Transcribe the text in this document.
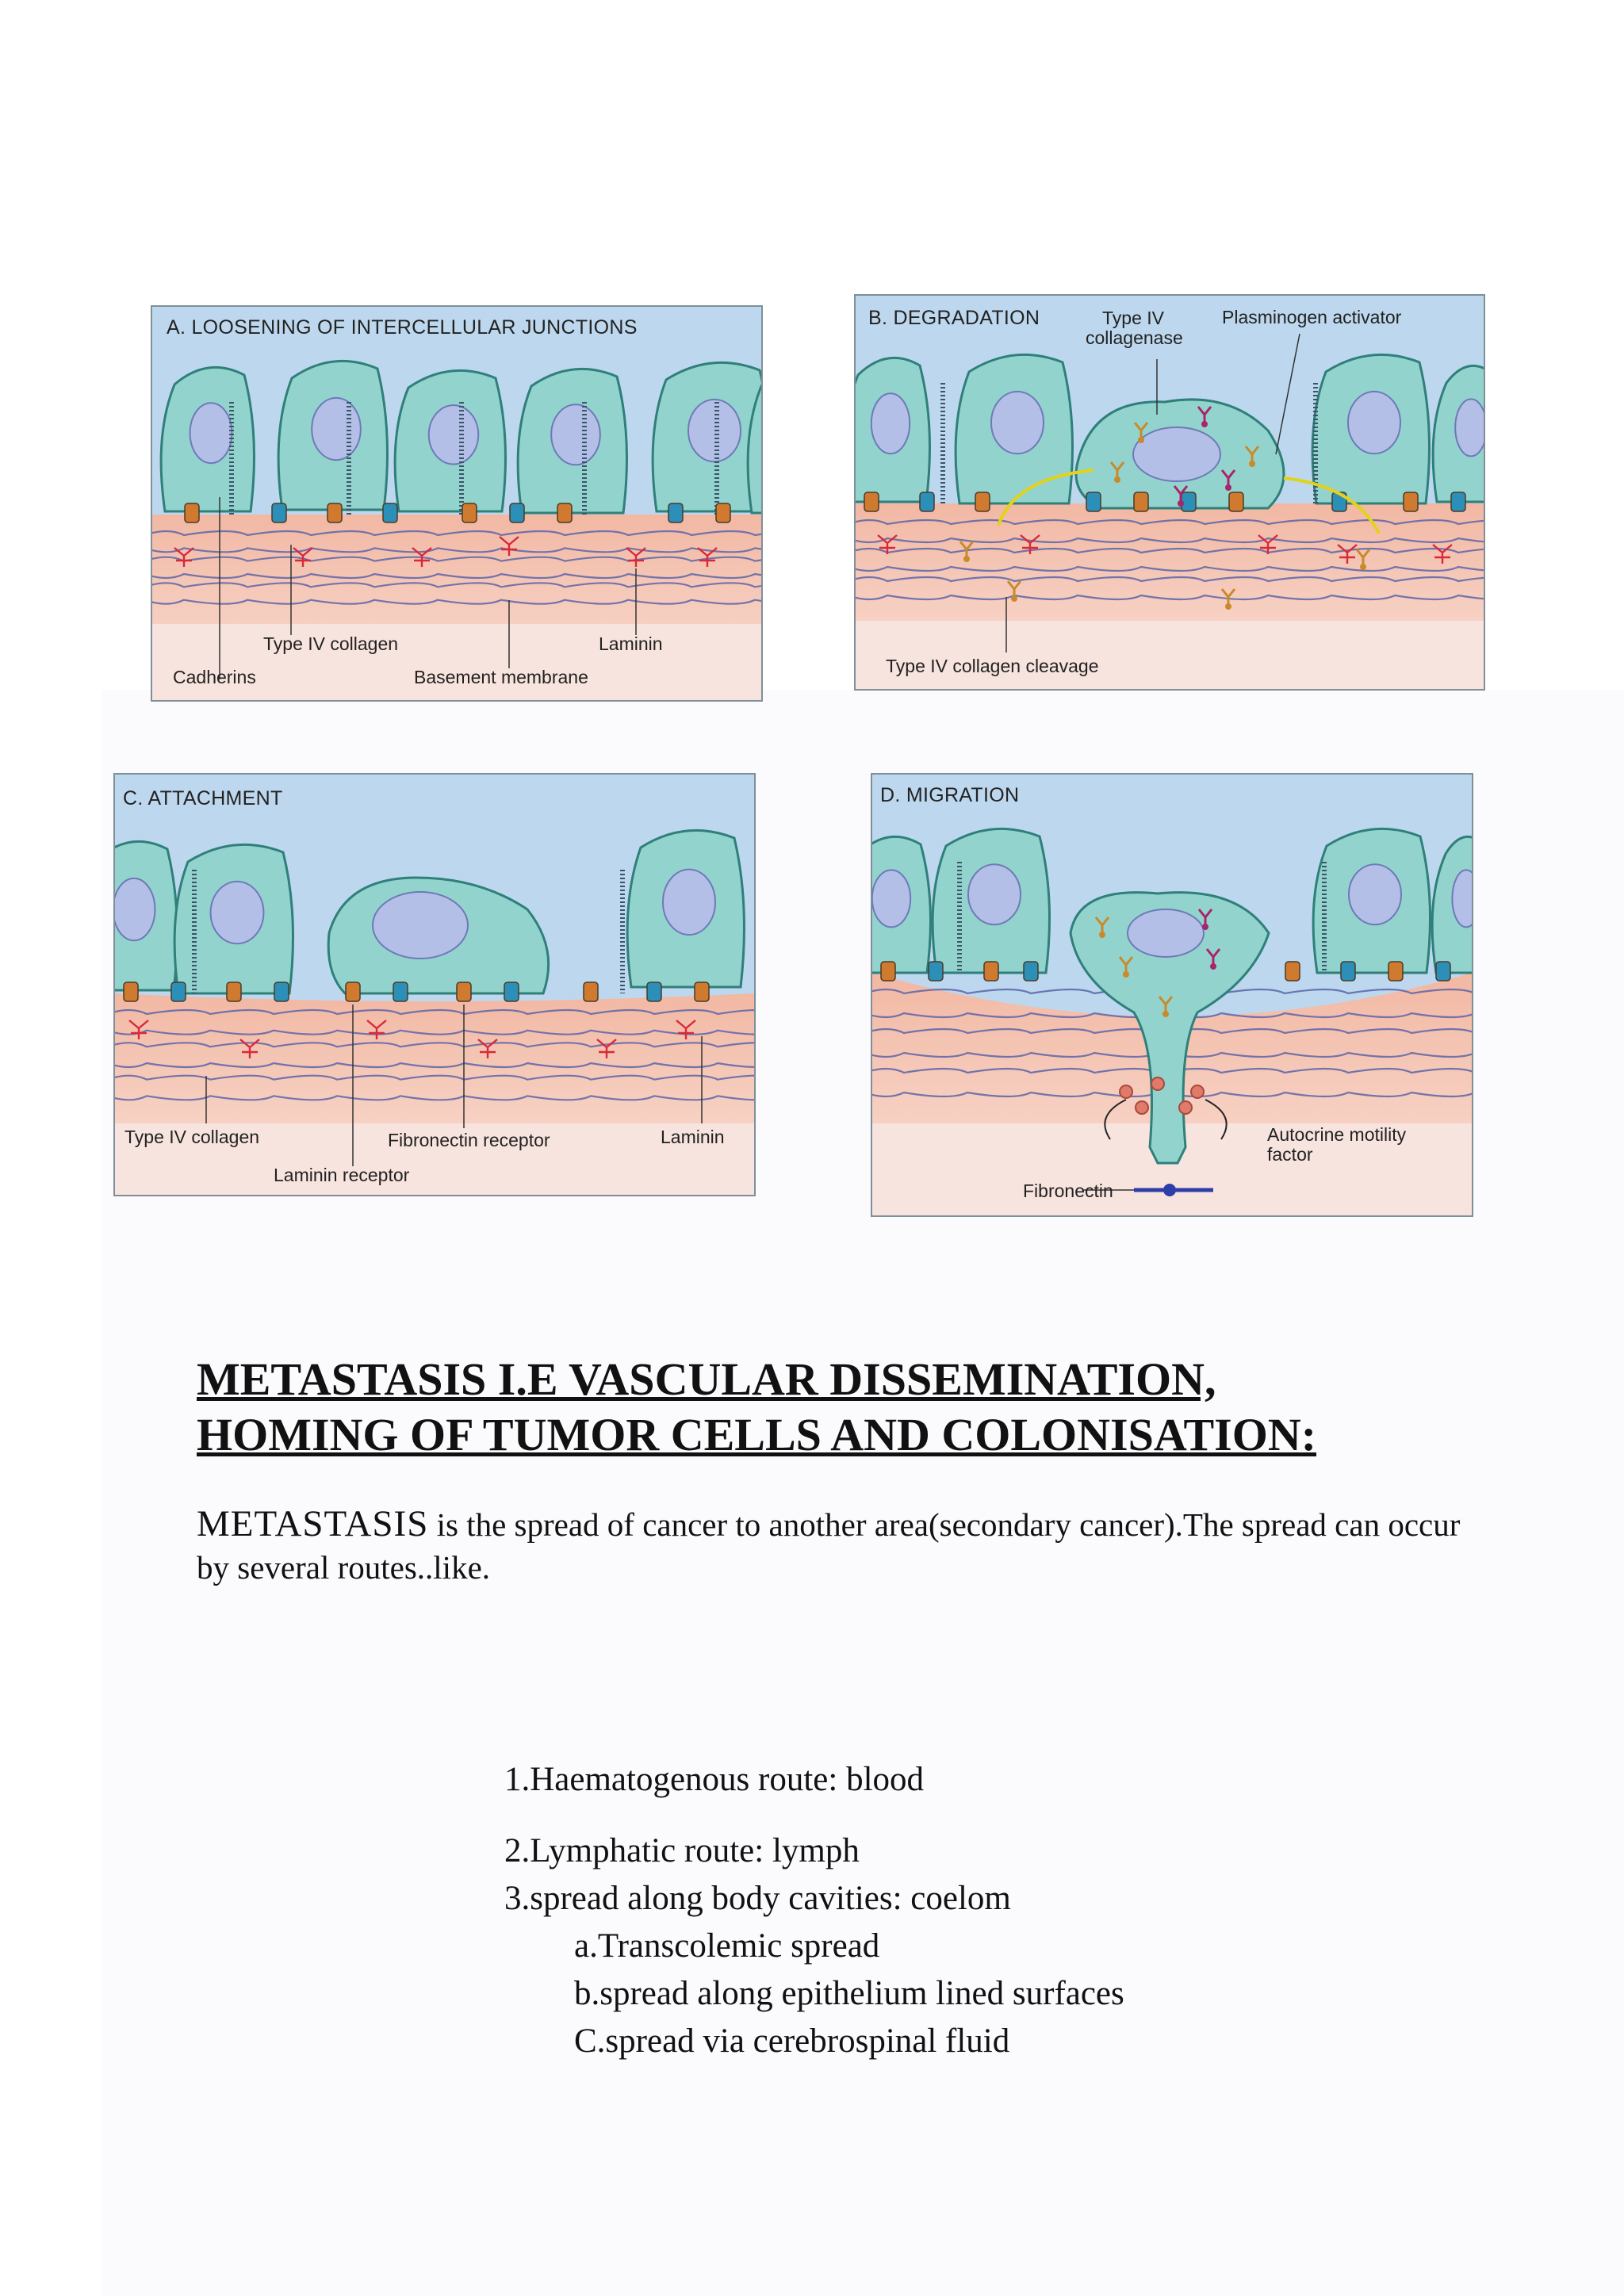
A. LOOSENING OF INTERCELLULAR JUNCTIONS
Type IV collagen	Laminin
Cadherins	Basement membrane
B. DEGRADATION	Type IV collagenase
Plasminogen activator
Type IV collagen cleavage
C. ATTACHMENT
Type IV collagen	Fibronectin receptor	Laminin
Laminin receptor
D. MIGRATION
Autocrine motility factor
Fibronectin
METASTASIS I.E VASCULAR DISSEMINATION,
HOMING OF TUMOR CELLS AND COLONISATION:
METASTASIS is the spread of cancer to another area(secondary cancer).The spread can occur by several routes..like.
1.Haematogenous route: blood
2.Lymphatic route: lymph
3.spread along body cavities: coelom
a.Transcolemic spread
b.spread along epithelium lined surfaces
C.spread via cerebrospinal fluid
